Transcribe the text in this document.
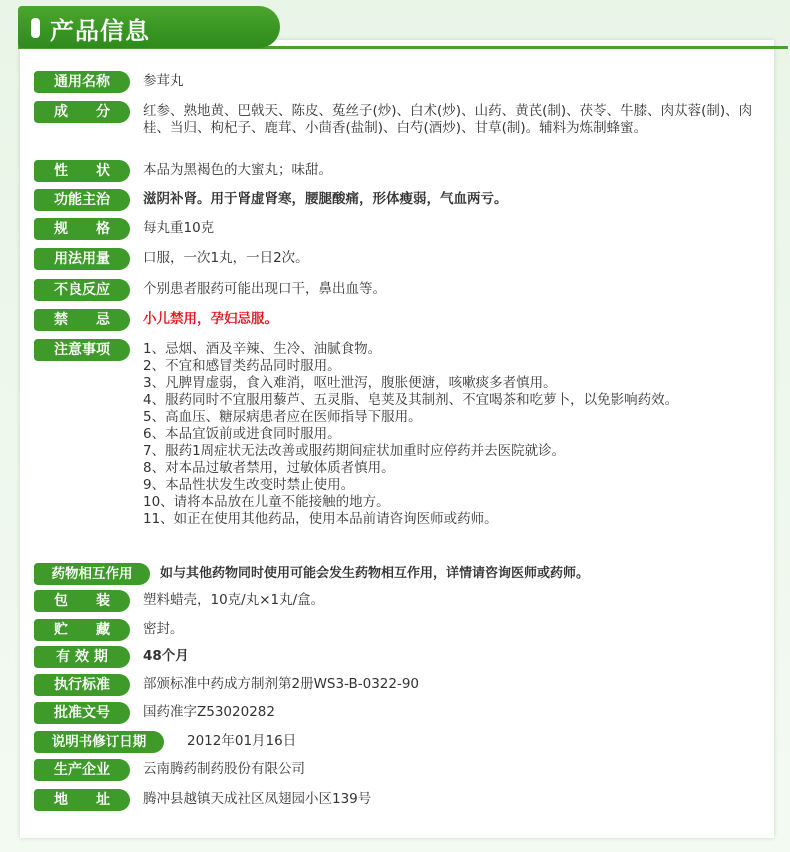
产品信息
通用名称	参茸丸
成　　分	红参、熟地黄、巴戟天、陈皮、菟丝子(炒)、白术(炒)、山药、黄芪(制)、茯苓、牛膝、肉苁蓉(制)、肉桂、当归、枸杞子、鹿茸、小茴香(盐制)、白芍(酒炒)、甘草(制)。辅料为炼制蜂蜜。
性　　状	本品为黑褐色的大蜜丸；味甜。
功能主治	滋阴补肾。用于肾虚肾寒，腰腿酸痛，形体瘦弱，气血两亏。
规　　格	每丸重10克
用法用量	口服，一次1丸，一日2次。
不良反应	个别患者服药可能出现口干，鼻出血等。
禁　　忌	小儿禁用，孕妇忌服。
注意事项	1、忌烟、酒及辛辣、生冷、油腻食物。
2、不宜和感冒类药品同时服用。
3、凡脾胃虚弱，食入难消，呕吐泄泻，腹胀便溏，咳嗽痰多者慎用。
4、服药同时不宜服用藜芦、五灵脂、皂荚及其制剂、不宜喝茶和吃萝卜，以免影响药效。
5、高血压、糖尿病患者应在医师指导下服用。
6、本品宜饭前或进食同时服用。
7、服药1周症状无法改善或服药期间症状加重时应停药并去医院就诊。
8、对本品过敏者禁用，过敏体质者慎用。
9、本品性状发生改变时禁止使用。
10、请将本品放在儿童不能接触的地方。
11、如正在使用其他药品，使用本品前请咨询医师或药师。
药物相互作用	如与其他药物同时使用可能会发生药物相互作用，详情请咨询医师或药师。
包　　装	塑料蜡壳，10克/丸×1丸/盒。
贮　　藏	密封。
有 效 期	48个月
执行标准	部颁标准中药成方制剂第2册WS3-B-0322-90
批准文号	国药准字Z53020282
说明书修订日期	2012年01月16日
生产企业	云南腾药制药股份有限公司
地　　址	腾冲县越镇天成社区凤翅园小区139号
